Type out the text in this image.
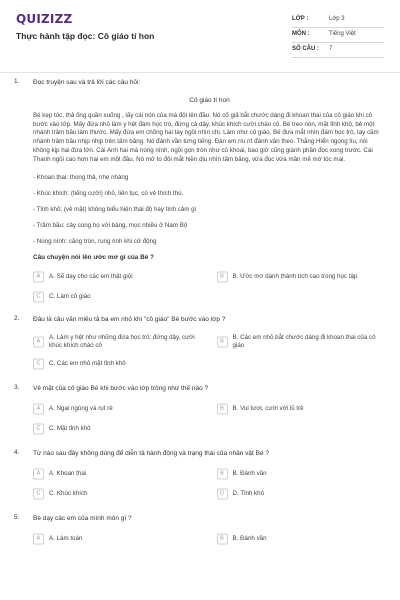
QUIZIZZ
Thực hành tập đọc: Cô giáo tí hon
LỚP :	Lớp 3
MÔN :	Tiếng Việt
SỐ CÂU : 7
1. Đọc truyện sau và trả lời các câu hỏi:
Cô giáo tí hon
Bé kẹp tóc, thả ống quần xuống , lấy cái nón của má đội lên đầu. Nó cố giả bắt chước dáng đi khoan thai của cô giáo khi cô bước vào lớp. Mấy đứa nhỏ làm y hệt đám học trò, đứng cả dậy, khúc khích cười chào cô. Bé treo nón, mặt tỉnh khô, bẻ một nhánh trâm bầu làm thước. Mấy đứa em chống hai tay ngồi nhìn chị. Làm như cô giáo, Bé đưa mắt nhìn đám học trò, tay cầm nhánh trâm bầu nhịp nhịp trên tấm bảng. Nó đánh vần từng tiếng. Đàn em ríu rít đánh vần theo. Thằng Hiển ngọng líu, nói không kịp hai đứa lớn. Cái Anh hai má núng nính, ngồi gọn tròn như củ khoai, bao giờ cũng giành phần đọc xong trước. Cái Thanh ngồi cao hơn hai em một đầu. Nó mở to đôi mắt hiền dịu nhìn tấm bảng, vừa đọc vừa mân mê mớ tóc mai.
- Khoan thai: thong thả, nhẹ nhàng
- Khúc khích: (tiếng cười) nhỏ, liên tục, có vẻ thích thú.
- Tỉnh khô: (vẻ mặt) không biểu hiện thái độ hay tình cảm gì
- Trâm bầu: cây cùng họ với bàng, mọc nhiều ở Nam Bộ
- Núng nính: căng tròn, rung rinh khi cử động
Câu chuyện nói lên ước mơ gì của Bé ?
A	A. Sẽ dạy cho các em thật giỏi	B	B. Ước mơ dành thành tích cao trong học tập
C	C. Làm cô giáo
2. Đâu là câu văn miêu tả ba em nhỏ khi "cô giáo" Bé bước vào lớp ?
A
A. Làm y hệt như những đứa học trò: đứng dậy, cười khúc khích chào cô
B
B. Các em nhỏ bắt chước dáng đi khoan thai của cô giáo
C	C. Các em nhỏ mặt tỉnh khô
3. Vẻ mặt của cô giáo Bé khi bước vào lớp trông như thế nào ?
A	A. Ngại ngùng và rụt rè	B	B. Vui tươi, cười với lũ trẻ
C	C. Mặt tỉnh khô
4. Từ nào sau đây không dùng để diễn tả hành động và trạng thái của nhân vật Bé ?
A	A. Khoan thai	B	B. Đánh vần
C	C. Khúc khích	D	D. Tỉnh khô
5. Bé dạy các em của mình môn gì ?
A	A. Làm toán	B	B. Đánh vần
